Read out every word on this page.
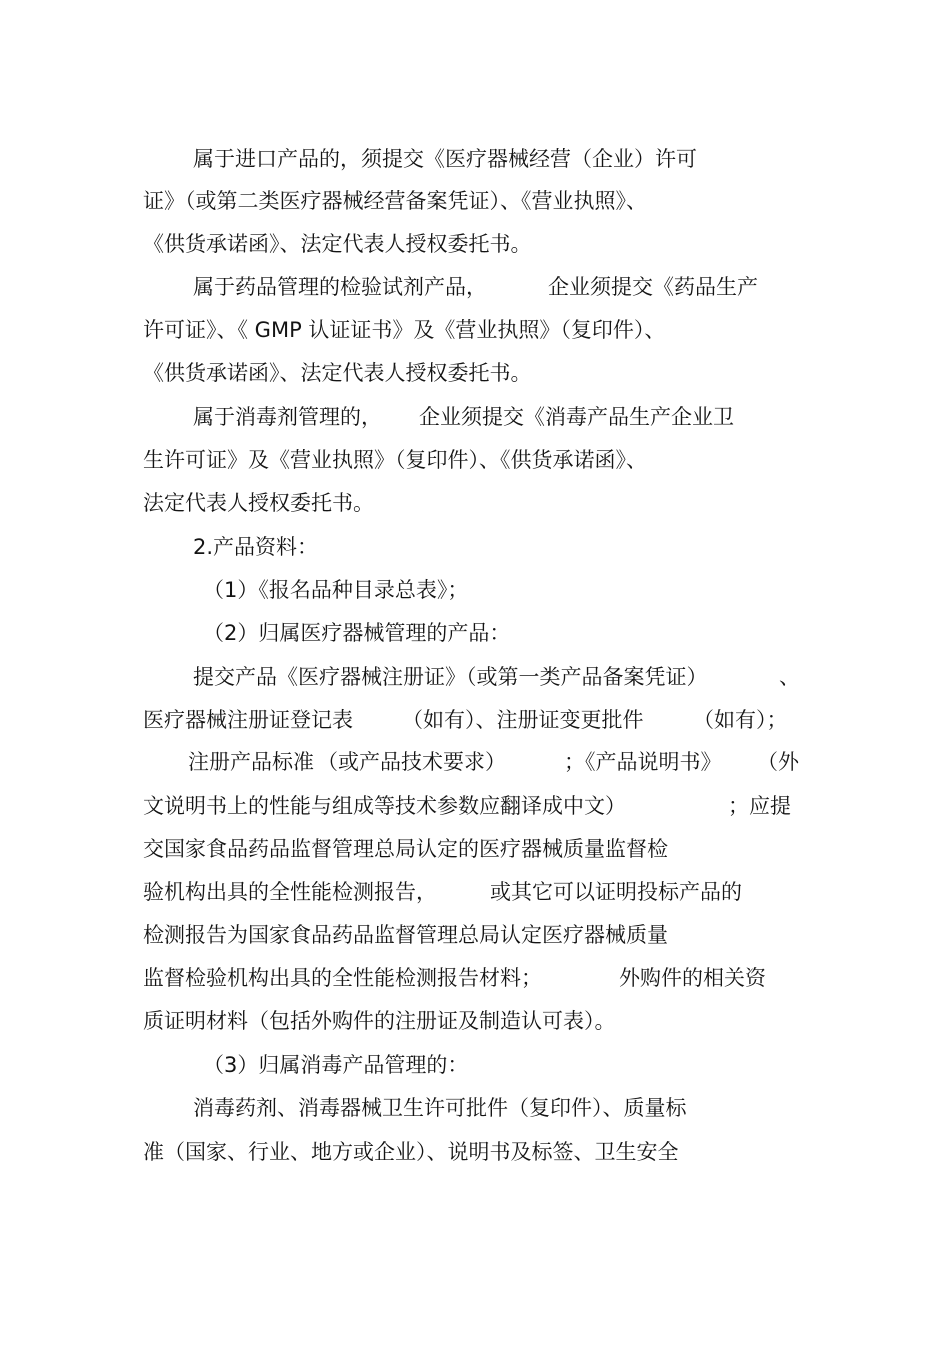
属于进口产品的，须提交《医疗器械经营（企业）许可

证》（或第二类医疗器械经营备案凭证）、《营业执照》、

《供货承诺函》、法定代表人授权委托书。

属于药品管理的检验试剂产品，	企业须提交《药品生产

许可证》、《 GMP 认证证书》及《营业执照》（复印件）、

《供货承诺函》、法定代表人授权委托书。

属于消毒剂管理的， 企业须提交《消毒产品生产企业卫

生许可证》及《营业执照》（复印件）、《供货承诺函》、

法定代表人授权委托书。

2.产品资料：

（1）《报名品种目录总表》；

（2）归属医疗器械管理的产品：

提交产品《医疗器械注册证》（或第一类产品备案凭证）	、

医疗器械注册证登记表 （如有）、注册证变更批件 （如有）；

注册产品标准 （或产品技术要求）	；《产品说明书》 （外

文说明书上的性能与组成等技术参数应翻译成中文）	；应提

交国家食品药品监督管理总局认定的医疗器械质量监督检

验机构出具的全性能检测报告，	或其它可以证明投标产品的

检测报告为国家食品药品监督管理总局认定医疗器械质量

监督检验机构出具的全性能检测报告材料；	外购件的相关资

质证明材料（包括外购件的注册证及制造认可表）。

（3）归属消毒产品管理的：

消毒药剂、消毒器械卫生许可批件（复印件）、质量标

准（国家、行业、地方或企业）、说明书及标签、卫生安全
